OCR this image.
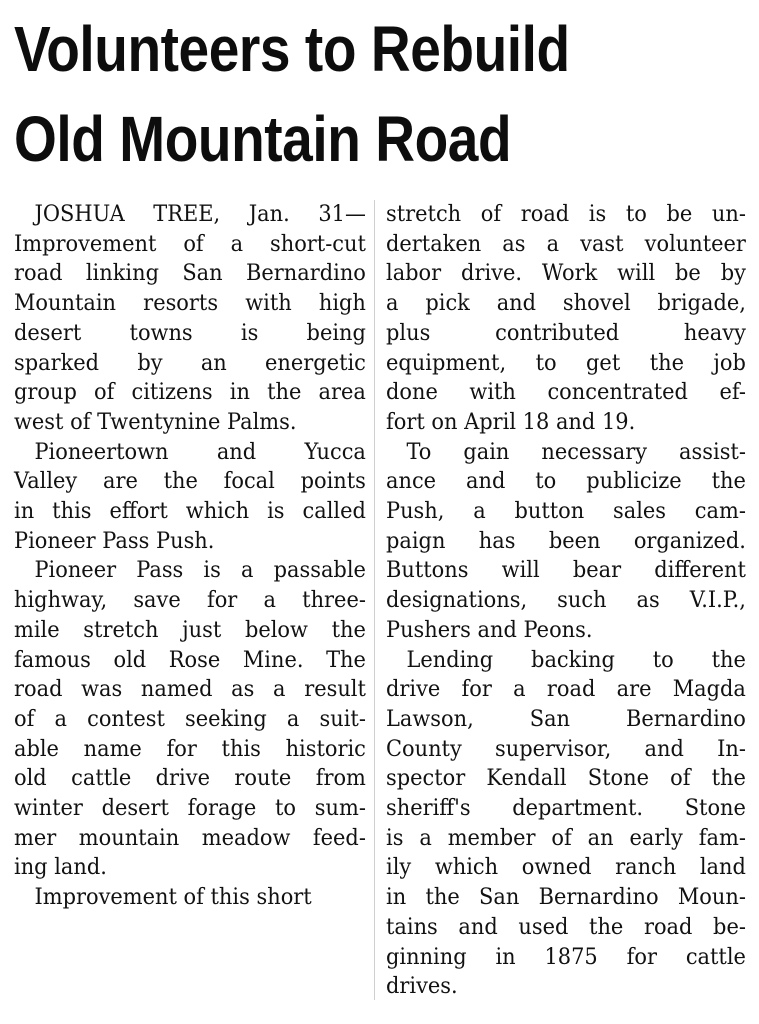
Volunteers to Rebuild
Old Mountain Road
JOSHUA TREE, Jan. 31—
Improvement of a short-cut
road linking San Bernardino
Mountain resorts with high
desert towns is being
sparked by an energetic
group of citizens in the area
west of Twentynine Palms.
Pioneertown and Yucca
Valley are the focal points
in this effort which is called
Pioneer Pass Push.
Pioneer Pass is a passable
highway, save for a three-
mile stretch just below the
famous old Rose Mine. The
road was named as a result
of a contest seeking a suit-
able name for this historic
old cattle drive route from
winter desert forage to sum-
mer mountain meadow feed-
ing land.
Improvement of this short
stretch of road is to be un-
dertaken as a vast volunteer
labor drive. Work will be by
a pick and shovel brigade,
plus contributed heavy
equipment, to get the job
done with concentrated ef-
fort on April 18 and 19.
To gain necessary assist-
ance and to publicize the
Push, a button sales cam-
paign has been organized.
Buttons will bear different
designations, such as V.I.P.,
Pushers and Peons.
Lending backing to the
drive for a road are Magda
Lawson, San Bernardino
County supervisor, and In-
spector Kendall Stone of the
sheriff's department. Stone
is a member of an early fam-
ily which owned ranch land
in the San Bernardino Moun-
tains and used the road be-
ginning in 1875 for cattle
drives.
